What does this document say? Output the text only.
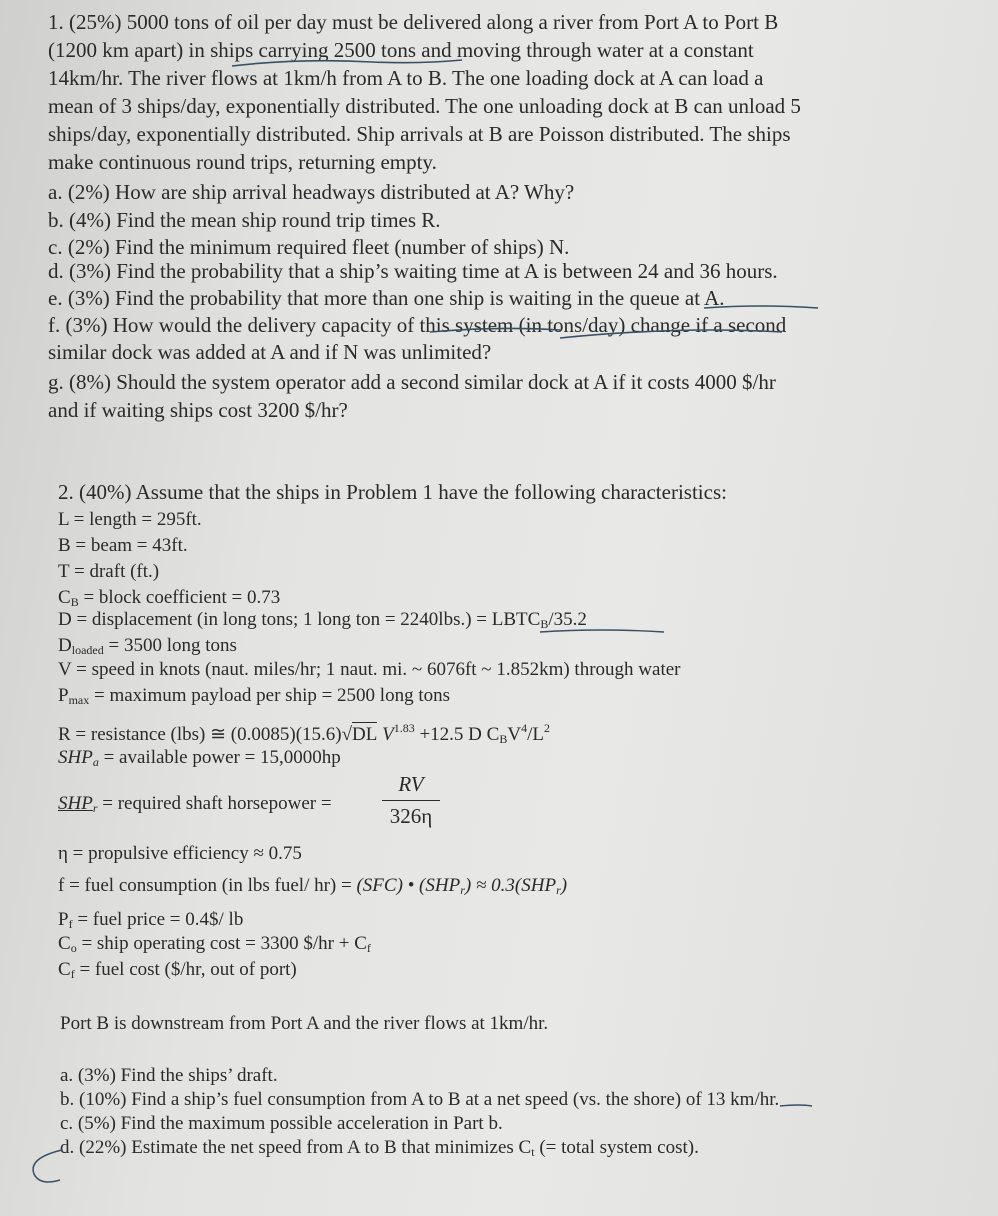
1. (25%) 5000 tons of oil per day must be delivered along a river from Port A to Port B
(1200 km apart) in ships carrying 2500 tons and moving through water at a constant
14km/hr. The river flows at 1km/h from A to B. The one loading dock at A can load a
mean of 3 ships/day, exponentially distributed. The one unloading dock at B can unload 5
ships/day, exponentially distributed. Ship arrivals at B are Poisson distributed. The ships
make continuous round trips, returning empty.
a. (2%) How are ship arrival headways distributed at A? Why?
b. (4%) Find the mean ship round trip times R.
c. (2%) Find the minimum required fleet (number of ships) N.
d. (3%) Find the probability that a ship’s waiting time at A is between 24 and 36 hours.
e. (3%) Find the probability that more than one ship is waiting in the queue at A.
f. (3%) How would the delivery capacity of this system (in tons/day) change if a second
similar dock was added at A and if N was unlimited?
g. (8%) Should the system operator add a second similar dock at A if it costs 4000 $/hr
and if waiting ships cost 3200 $/hr?
2. (40%) Assume that the ships in Problem 1 have the following characteristics:
L = length = 295ft.
B = beam = 43ft.
T = draft (ft.)
$C_B$ = block coefficient = 0.73
D = displacement (in long tons; 1 long ton = $2240lbs.) = LBTC_B/35.2$
$D_{loaded} = 3500$ long tons
V = speed in knots (naut. miles/hr; 1 naut. mi. ~ 6076ft ~ 1.852km) through water
$P_{max}$ = maximum payload per ship = 2500 long tons
R = resistance (lbs) ≅ (0.0085)(15.6)√DL $V^{1.83} +12.5$ D $C_BV^4/L^2$
$SHP_a$ = available power = 15,0000hp
$SHP_r$ = required shaft horsepower =
RV
326η
η = propulsive efficiency ≈ 0.75
f = fuel consumption (in lbs fuel/ hr) = (SFC) • $(SHP_r) \approx 0.3(SHP_r)$
$P_f$ = fuel price = 0.4$/ lb
$C_o$ = ship operating cost = 3300 $/hr + $C_f$
$C_f$ = fuel cost ($/hr, out of port)
Port B is downstream from Port A and the river flows at 1km/hr.
a. (3%) Find the ships’ draft.
b. (10%) Find a ship’s fuel consumption from A to B at a net speed (vs. the shore) of 13 km/hr.
c. (5%) Find the maximum possible acceleration in Part b.
d. (22%) Estimate the net speed from A to B that minimizes $C_t$ (= total system cost).
